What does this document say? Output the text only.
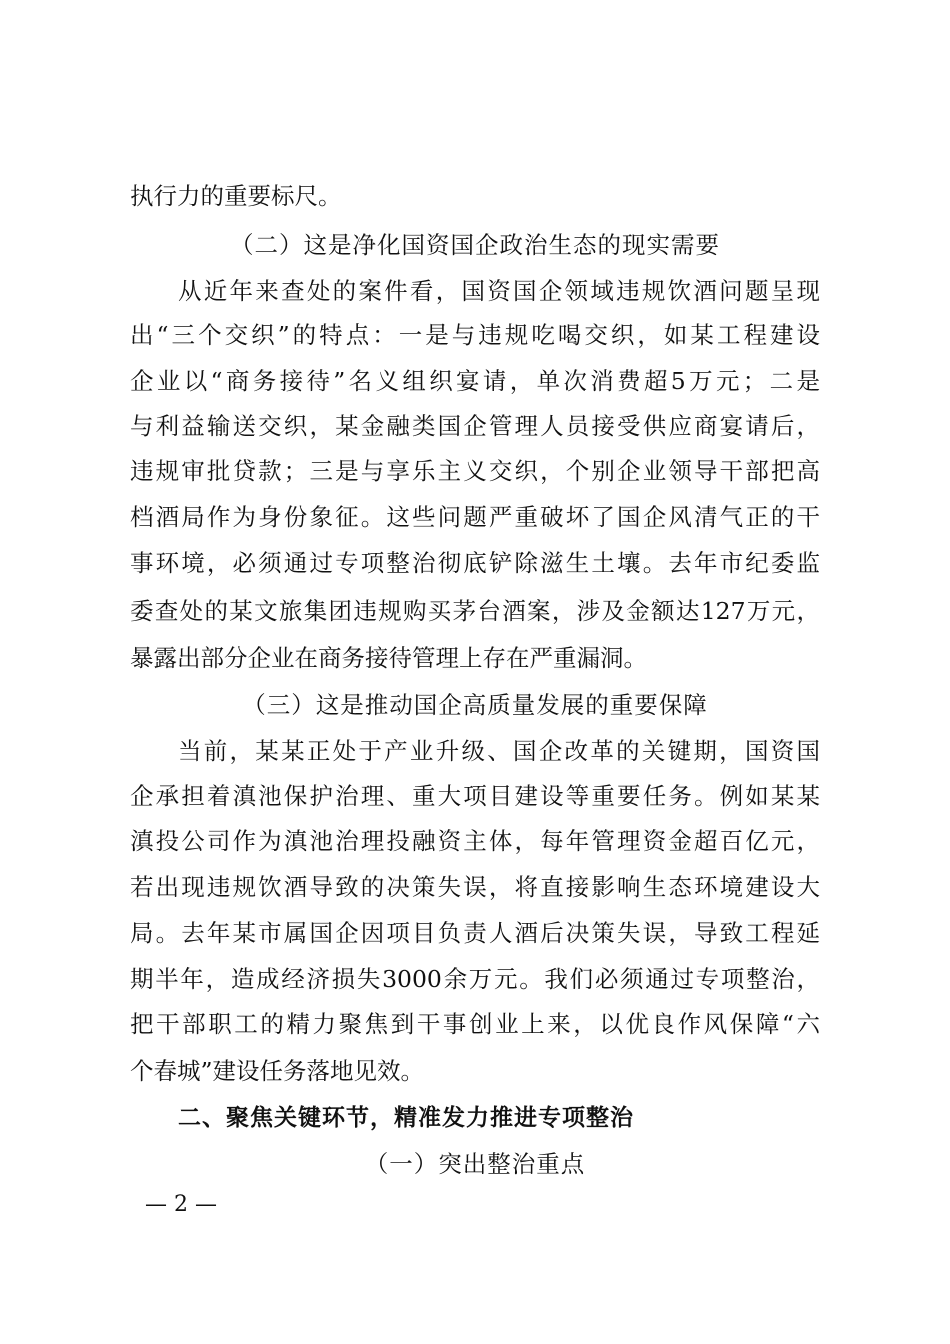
执行力的重要标尺。
（二）这是净化国资国企政治生态的现实需要
从近年来查处的案件看，国资国企领域违规饮酒问题呈现
出“三个交织”的特点：一是与违规吃喝交织，如某工程建设
企业以“商务接待”名义组织宴请，单次消费超5万元；二是
与利益输送交织，某金融类国企管理人员接受供应商宴请后，
违规审批贷款；三是与享乐主义交织，个别企业领导干部把高
档酒局作为身份象征。这些问题严重破坏了国企风清气正的干
事环境，必须通过专项整治彻底铲除滋生土壤。去年市纪委监
委查处的某文旅集团违规购买茅台酒案，涉及金额达127万元，
暴露出部分企业在商务接待管理上存在严重漏洞。
（三）这是推动国企高质量发展的重要保障
当前，某某正处于产业升级、国企改革的关键期，国资国
企承担着滇池保护治理、重大项目建设等重要任务。例如某某
滇投公司作为滇池治理投融资主体，每年管理资金超百亿元，
若出现违规饮酒导致的决策失误，将直接影响生态环境建设大
局。去年某市属国企因项目负责人酒后决策失误，导致工程延
期半年，造成经济损失3000余万元。我们必须通过专项整治，
把干部职工的精力聚焦到干事创业上来，以优良作风保障“六
个春城”建设任务落地见效。
二、聚焦关键环节，精准发力推进专项整治
（一）突出整治重点
— 2 —
